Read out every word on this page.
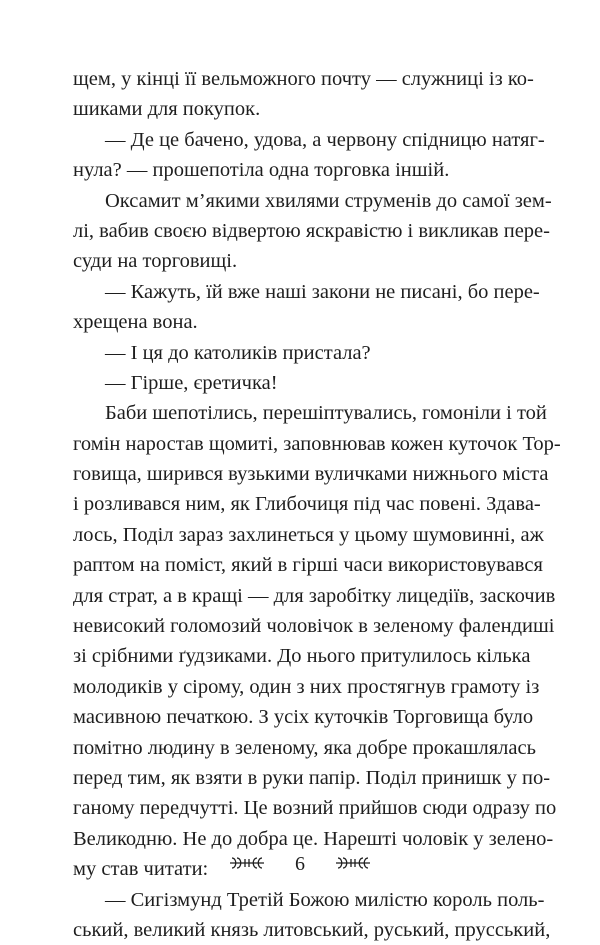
щем, у кінці її вельможного почту — служниці із ко-
шиками для покупок.
— Де це бачено, удова, а червону спідницю натяг-
нула? — прошепотіла одна торговка іншій.
Оксамит м’якими хвилями струменів до самої зем-
лі, вабив своєю відвертою яскравістю і викликав пере-
суди на торговищі.
— Кажуть, їй вже наші закони не писані, бо пере-
хрещена вона.
— І ця до католиків пристала?
— Гірше, єретичка!
Баби шепотілись, перешіптувались, гомоніли і той
гомін наростав щомиті, заповнював кожен куточок Тор-
говища, ширився вузькими вуличками нижнього міста
і розливався ним, як Глибочиця під час повені. Здава-
лось, Поділ зараз захлинеться у цьому шумовинні, аж
раптом на поміст, який в гірші часи використовувався
для страт, а в кращі — для заробітку лицедіїв, заскочив
невисокий голомозий чоловічок в зеленому фалендиші
зі срібними ґудзиками. До нього притулилось кілька
молодиків у сірому, один з них простягнув грамоту із
масивною печаткою. З усіх куточків Торговища було
помітно людину в зеленому, яка добре прокашлялась
перед тим, як взяти в руки папір. Поділ принишк у по-
ганому передчутті. Це возний прийшов сюди одразу по
Великодню. Не до добра це. Нарешті чоловік у зелено-
му став читати:
— Сигізмунд Третій Божою милістю король поль-
ський, великий князь литовський, руський, прусський,
6
